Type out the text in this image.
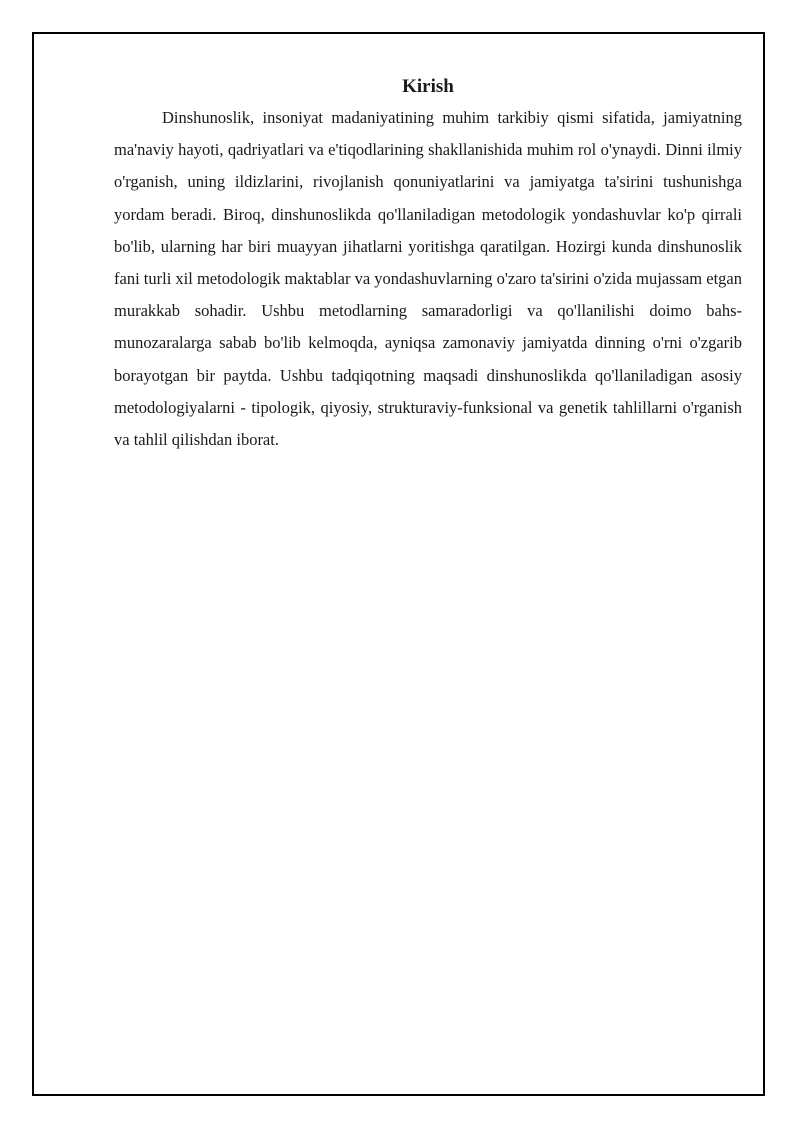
Kirish

Dinshunoslik, insoniyat madaniyatining muhim tarkibiy qismi sifatida, jamiyatning ma'naviy hayoti, qadriyatlari va e'tiqodlarining shakllanishida muhim rol o'ynaydi. Dinni ilmiy o'rganish, uning ildizlarini, rivojlanish qonuniyatlarini va jamiyatga ta'sirini tushunishga yordam beradi. Biroq, dinshunoslikda qo'llaniladigan metodologik yondashuvlar ko'p qirrali bo'lib, ularning har biri muayyan jihatlarni yoritishga qaratilgan. Hozirgi kunda dinshunoslik fani turli xil metodologik maktablar va yondashuvlarning o'zaro ta'sirini o'zida mujassam etgan murakkab sohadir. Ushbu metodlarning samaradorligi va qo'llanilishi doimo bahs-munozaralarga sabab bo'lib kelmoqda, ayniqsa zamonaviy jamiyatda dinning o'rni o'zgarib borayotgan bir paytda. Ushbu tadqiqotning maqsadi dinshunoslikda qo'llaniladigan asosiy metodologiyalarni - tipologik, qiyosiy, strukturaviy-funksional va genetik tahlillarni o'rganish va tahlil qilishdan iborat.
